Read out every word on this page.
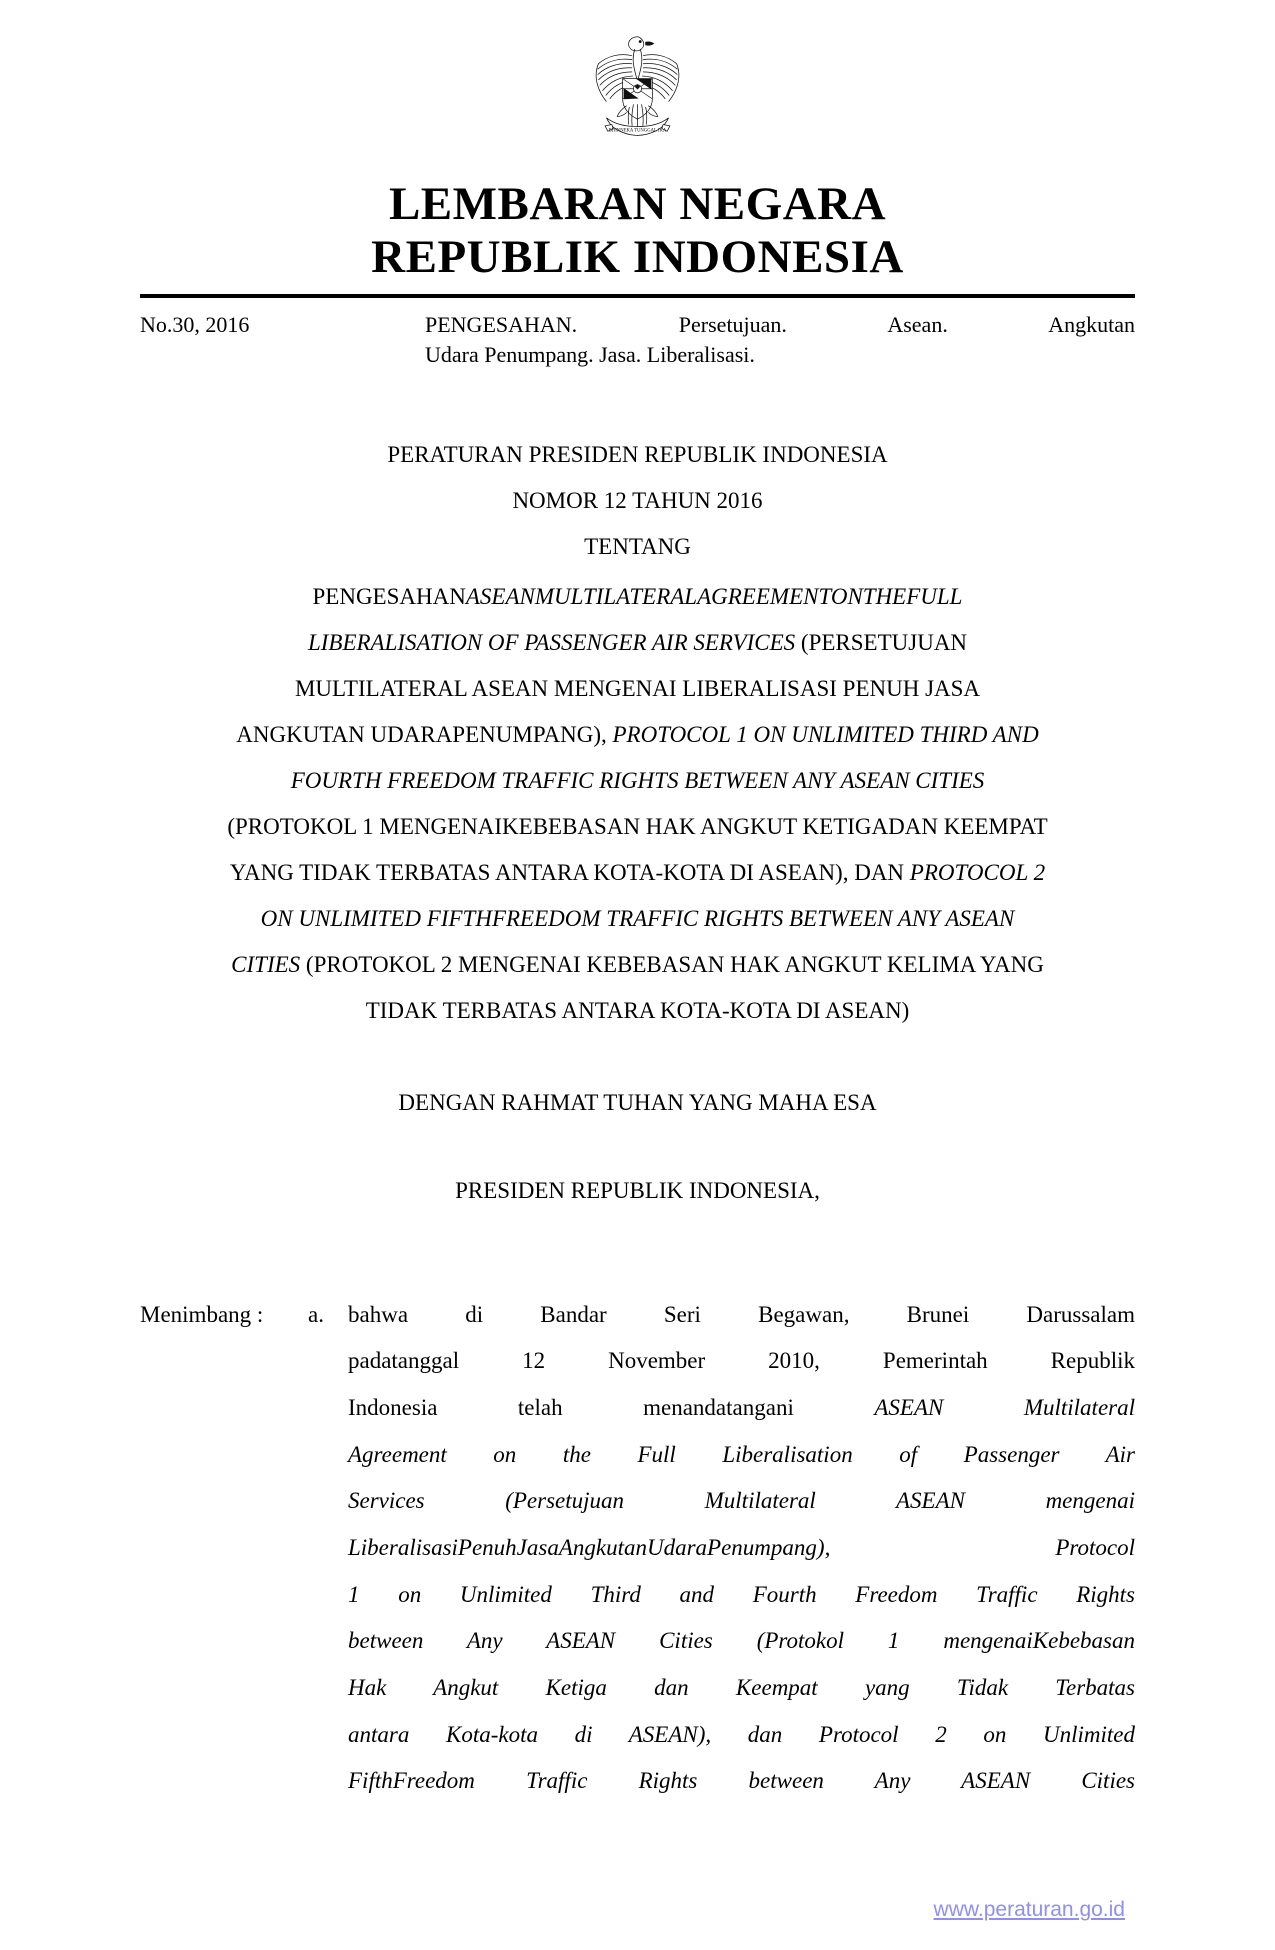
BHINNEKA TUNGGAL IKA
LEMBARAN NEGARA
REPUBLIK INDONESIA
No.30, 2016	PENGESAHAN. Persetujuan. Asean. Angkutan
Udara Penumpang. Jasa. Liberalisasi.
PERATURAN PRESIDEN REPUBLIK INDONESIA
NOMOR 12 TAHUN 2016
TENTANG
PENGESAHANASEANMULTILATERALAGREEMENTONTHEFULL
LIBERALISATION OF PASSENGER AIR SERVICES (PERSETUJUAN
MULTILATERAL ASEAN MENGENAI LIBERALISASI PENUH JASA
ANGKUTAN UDARAPENUMPANG), PROTOCOL 1 ON UNLIMITED THIRD AND
FOURTH FREEDOM TRAFFIC RIGHTS BETWEEN ANY ASEAN CITIES
(PROTOKOL 1 MENGENAIKEBEBASAN HAK ANGKUT KETIGADAN KEEMPAT
YANG TIDAK TERBATAS ANTARA KOTA-KOTA DI ASEAN), DAN PROTOCOL 2
ON UNLIMITED FIFTHFREEDOM TRAFFIC RIGHTS BETWEEN ANY ASEAN
CITIES (PROTOKOL 2 MENGENAI KEBEBASAN HAK ANGKUT KELIMA YANG
TIDAK TERBATAS ANTARA KOTA-KOTA DI ASEAN)
DENGAN RAHMAT TUHAN YANG MAHA ESA
PRESIDEN REPUBLIK INDONESIA,
Menimbang :	a.	bahwa di Bandar Seri Begawan, Brunei Darussalam
padatanggal 12 November 2010, Pemerintah Republik
Indonesia telah menandatangani ASEAN Multilateral
Agreement on the Full Liberalisation of Passenger Air
Services (Persetujuan Multilateral ASEAN mengenai
LiberalisasiPenuhJasaAngkutanUdaraPenumpang), Protocol
1 on Unlimited Third and Fourth Freedom Traffic Rights
between Any ASEAN Cities (Protokol 1 mengenaiKebebasan
Hak Angkut Ketiga dan Keempat yang Tidak Terbatas
antara Kota-kota di ASEAN), dan Protocol 2 on Unlimited
FifthFreedom Traffic Rights between Any ASEAN Cities
www.peraturan.go.id
